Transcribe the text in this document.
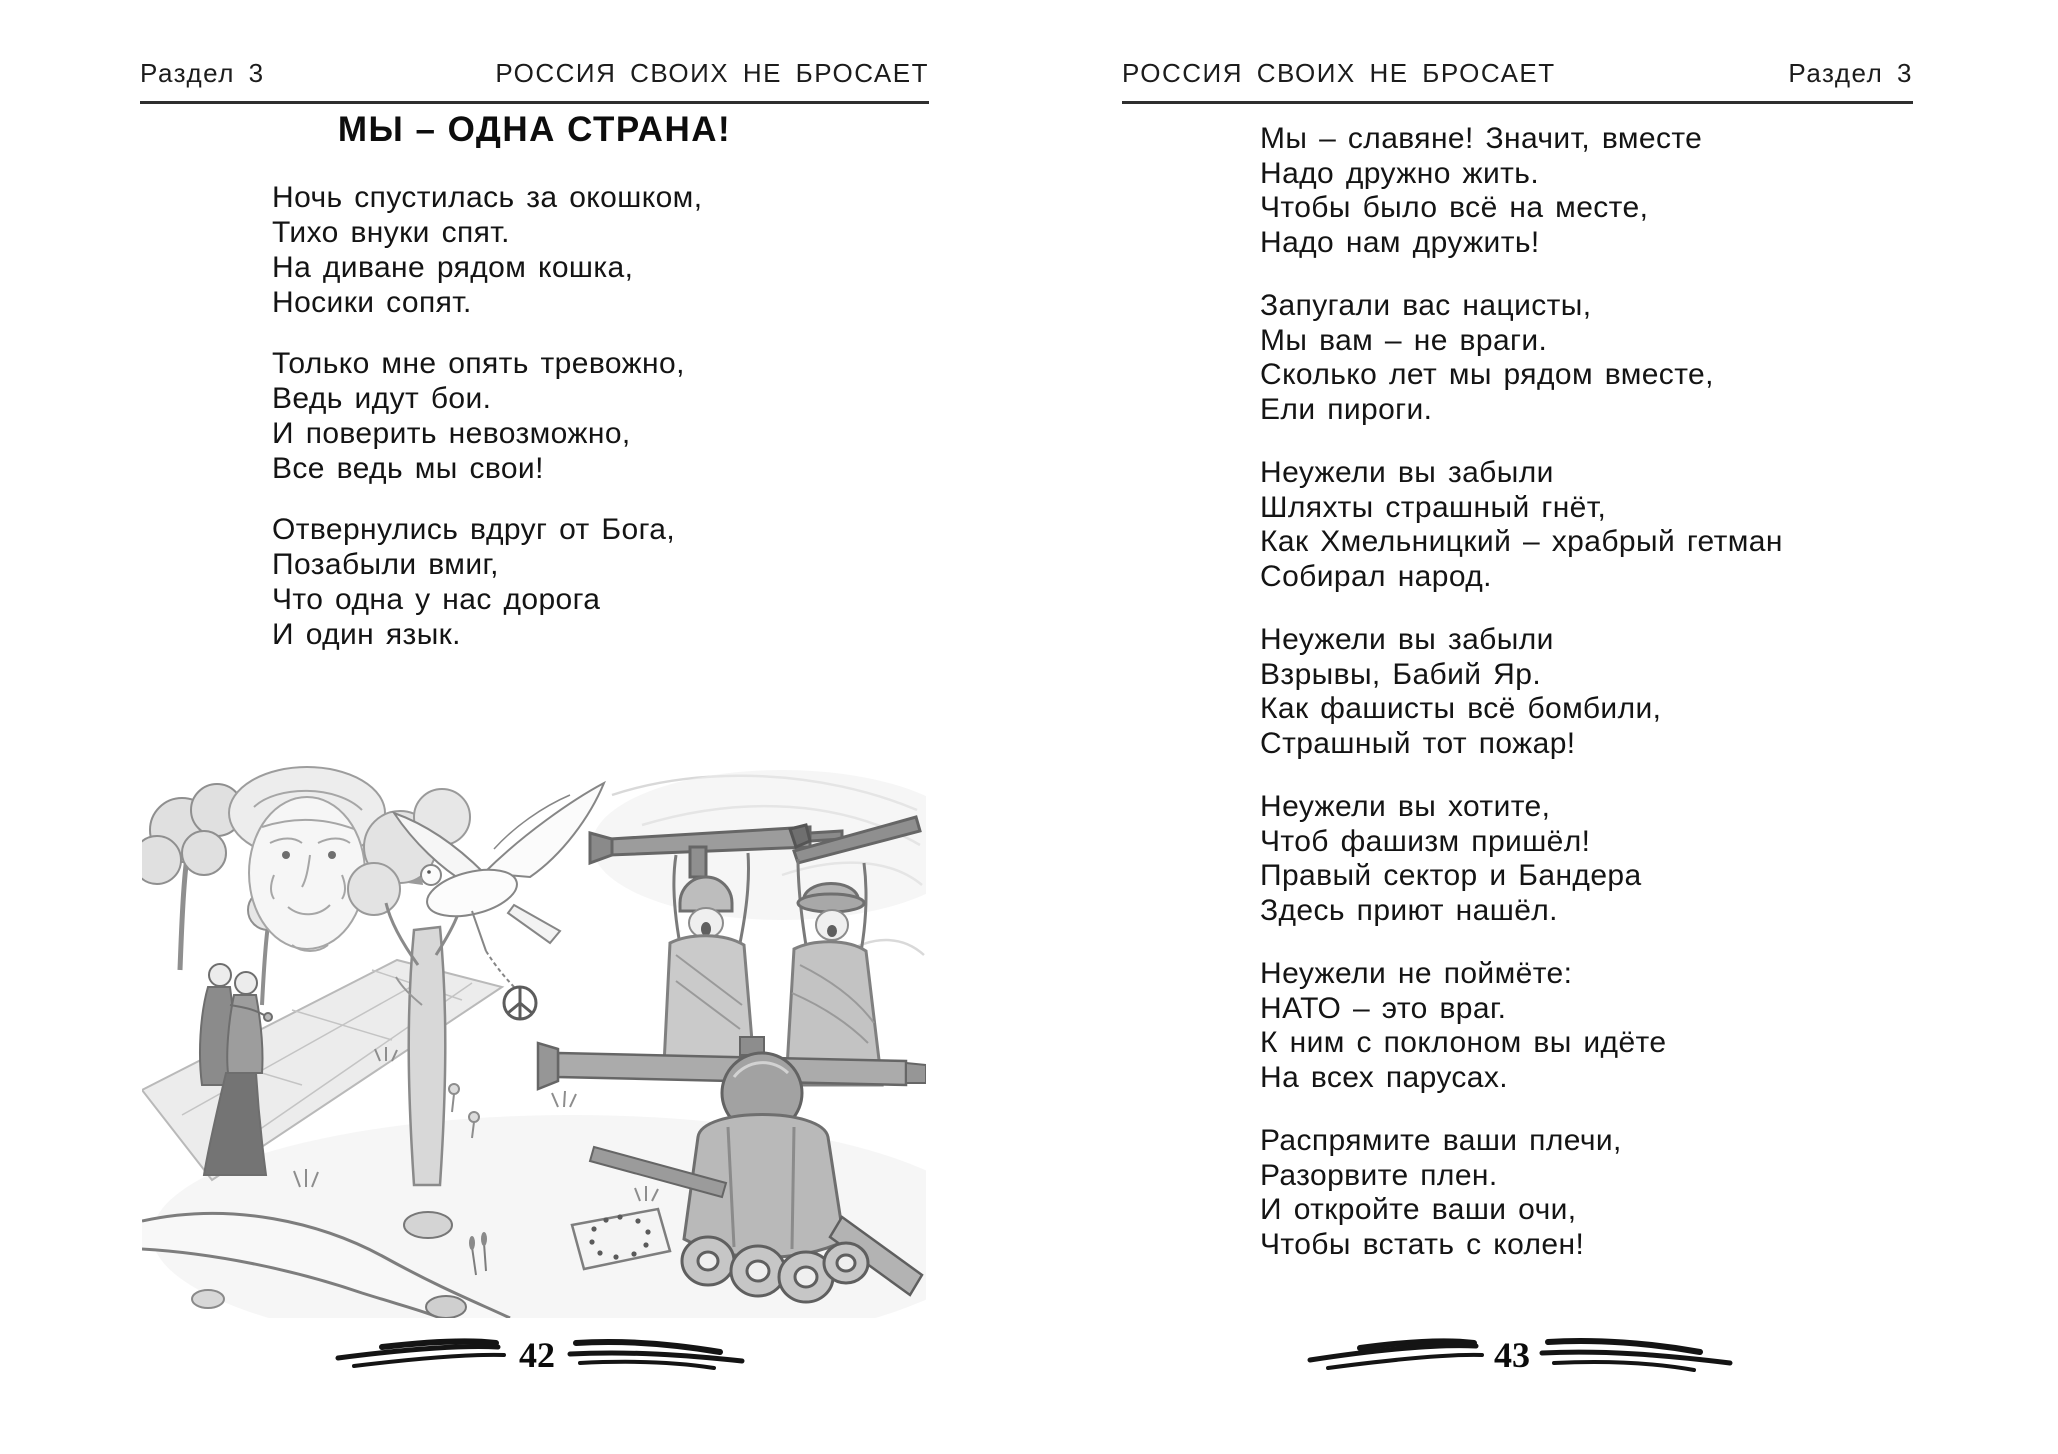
Раздел 3	РОССИЯ СВОИХ НЕ БРОСАЕТ
МЫ – ОДНА СТРАНА!
Ночь спустилась за окошком,
Тихо внуки спят.
На диване рядом кошка,
Носики сопят.
Только мне опять тревожно,
Ведь идут бои.
И поверить невозможно,
Все ведь мы свои!
Отвернулись вдруг от Бога,
Позабыли вмиг,
Что одна у нас дорога
И один язык.
42
РОССИЯ СВОИХ НЕ БРОСАЕТ	Раздел 3
Мы – славяне! Значит, вместе
Надо дружно жить.
Чтобы было всё на месте,
Надо нам дружить!
Запугали вас нацисты,
Мы вам – не враги.
Сколько лет мы рядом вместе,
Ели пироги.
Неужели вы забыли
Шляхты страшный гнёт,
Как Хмельницкий – храбрый гетман
Собирал народ.
Неужели вы забыли
Взрывы, Бабий Яр.
Как фашисты всё бомбили,
Страшный тот пожар!
Неужели вы хотите,
Чтоб фашизм пришёл!
Правый сектор и Бандера
Здесь приют нашёл.
Неужели не поймёте:
НАТО – это враг.
К ним с поклоном вы идёте
На всех парусах.
Распрямите ваши плечи,
Разорвите плен.
И откройте ваши очи,
Чтобы встать с колен!
43
